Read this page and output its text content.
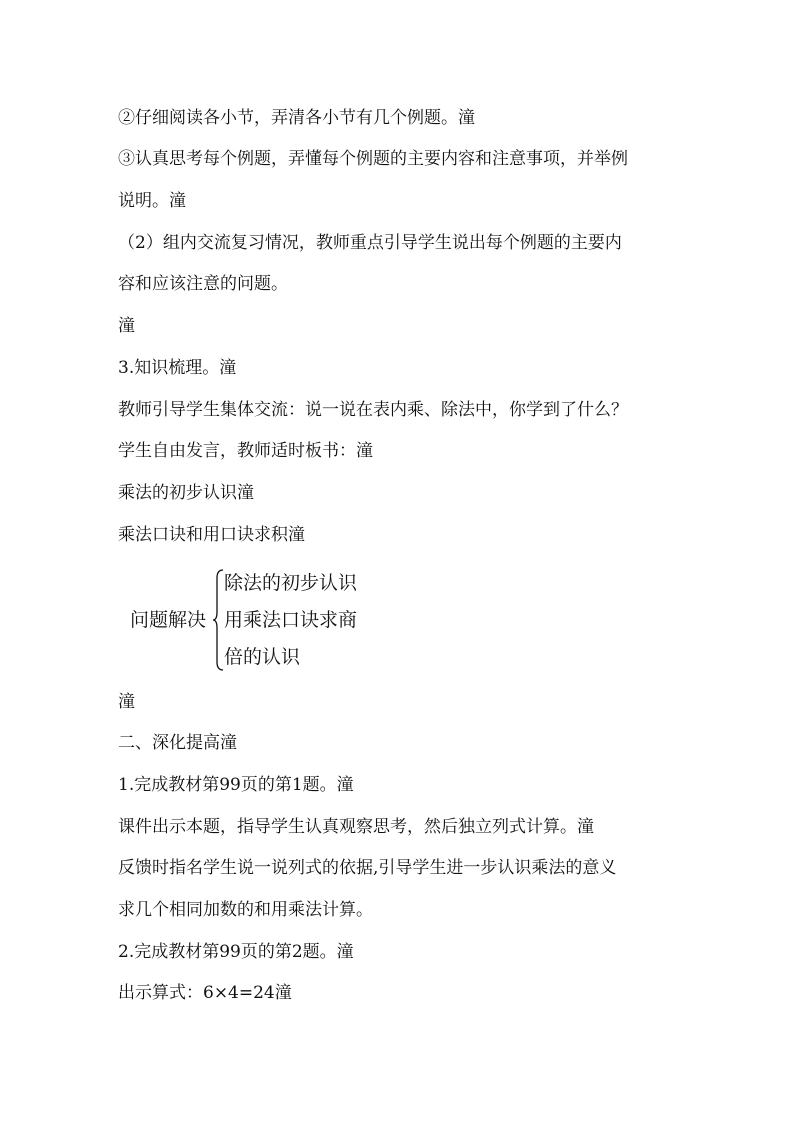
②仔细阅读各小节，弄清各小节有几个例题。潼
③认真思考每个例题，弄懂每个例题的主要内容和注意事项，并举例
说明。潼
（2）组内交流复习情况，教师重点引导学生说出每个例题的主要内
容和应该注意的问题。
潼
3.知识梳理。潼
教师引导学生集体交流：说一说在表内乘、除法中，你学到了什么？
学生自由发言，教师适时板书：潼
乘法的初步认识潼
乘法口诀和用口诀求积潼
问题解决
除法的初步认识
用乘法口诀求商
倍的认识
潼
二、深化提高潼
1.完成教材第99页的第1题。潼
课件出示本题，指导学生认真观察思考，然后独立列式计算。潼
反馈时指名学生说一说列式的依据,引导学生进一步认识乘法的意义
求几个相同加数的和用乘法计算。
2.完成教材第99页的第2题。潼
出示算式：6×4=24潼
